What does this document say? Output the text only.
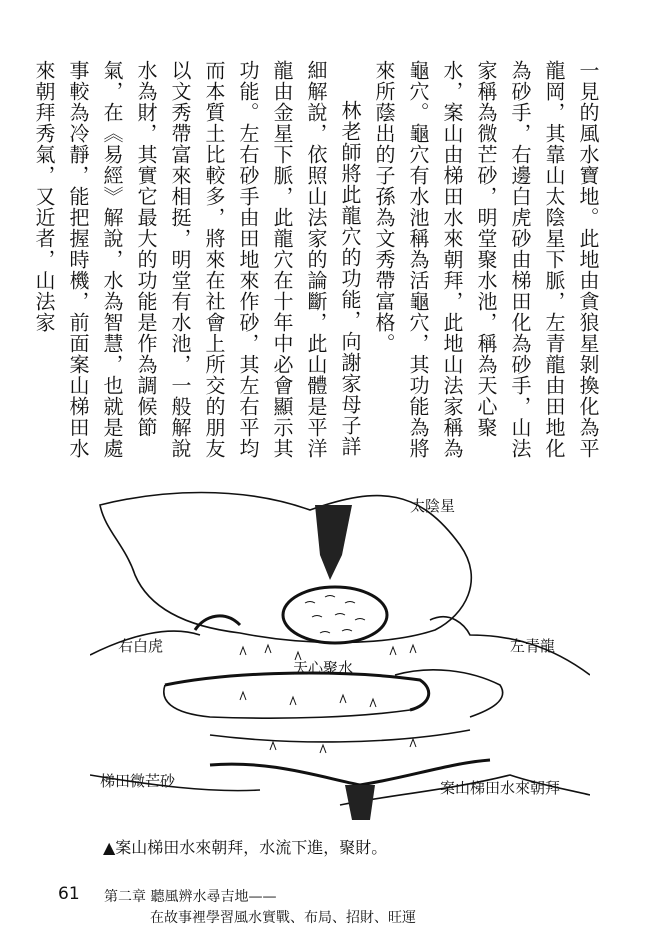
一見的風水寶地。此地由貪狼星剝換化為平龍岡，其靠山太陰星下脈，左青龍由田地化為砂手，右邊白虎砂由梯田化為砂手，山法家稱為微芒砂，明堂聚水池，稱為天心聚水，案山由梯田水來朝拜，此地山法家稱為龜穴。龜穴有水池稱為活龜穴，其功能為將來所蔭出的子孫為文秀帶富格。

林老師將此龍穴的功能，向謝家母子詳細解說，依照山法家的論斷，此山體是平洋龍由金星下脈，此龍穴在十年中必會顯示其功能。左右砂手由田地來作砂，其左右平均而本質土比較多，將來在社會上所交的朋友以文秀帶富來相挺，明堂有水池，一般解說水為財，其實它最大的功能是作為調候節氣，在《易經》解說，水為智慧，也就是處事較為冷靜，能把握時機，前面案山梯田水來朝拜秀氣，又近者，山法家

太陰星
右白虎	左青龍
天心聚水
梯田微芒砂	案山梯田水來朝拜
▲案山梯田水來朝拜，水流下進，聚財。
61 第二章 聽風辨水尋吉地——
在故事裡學習風水實戰、布局、招財、旺運
